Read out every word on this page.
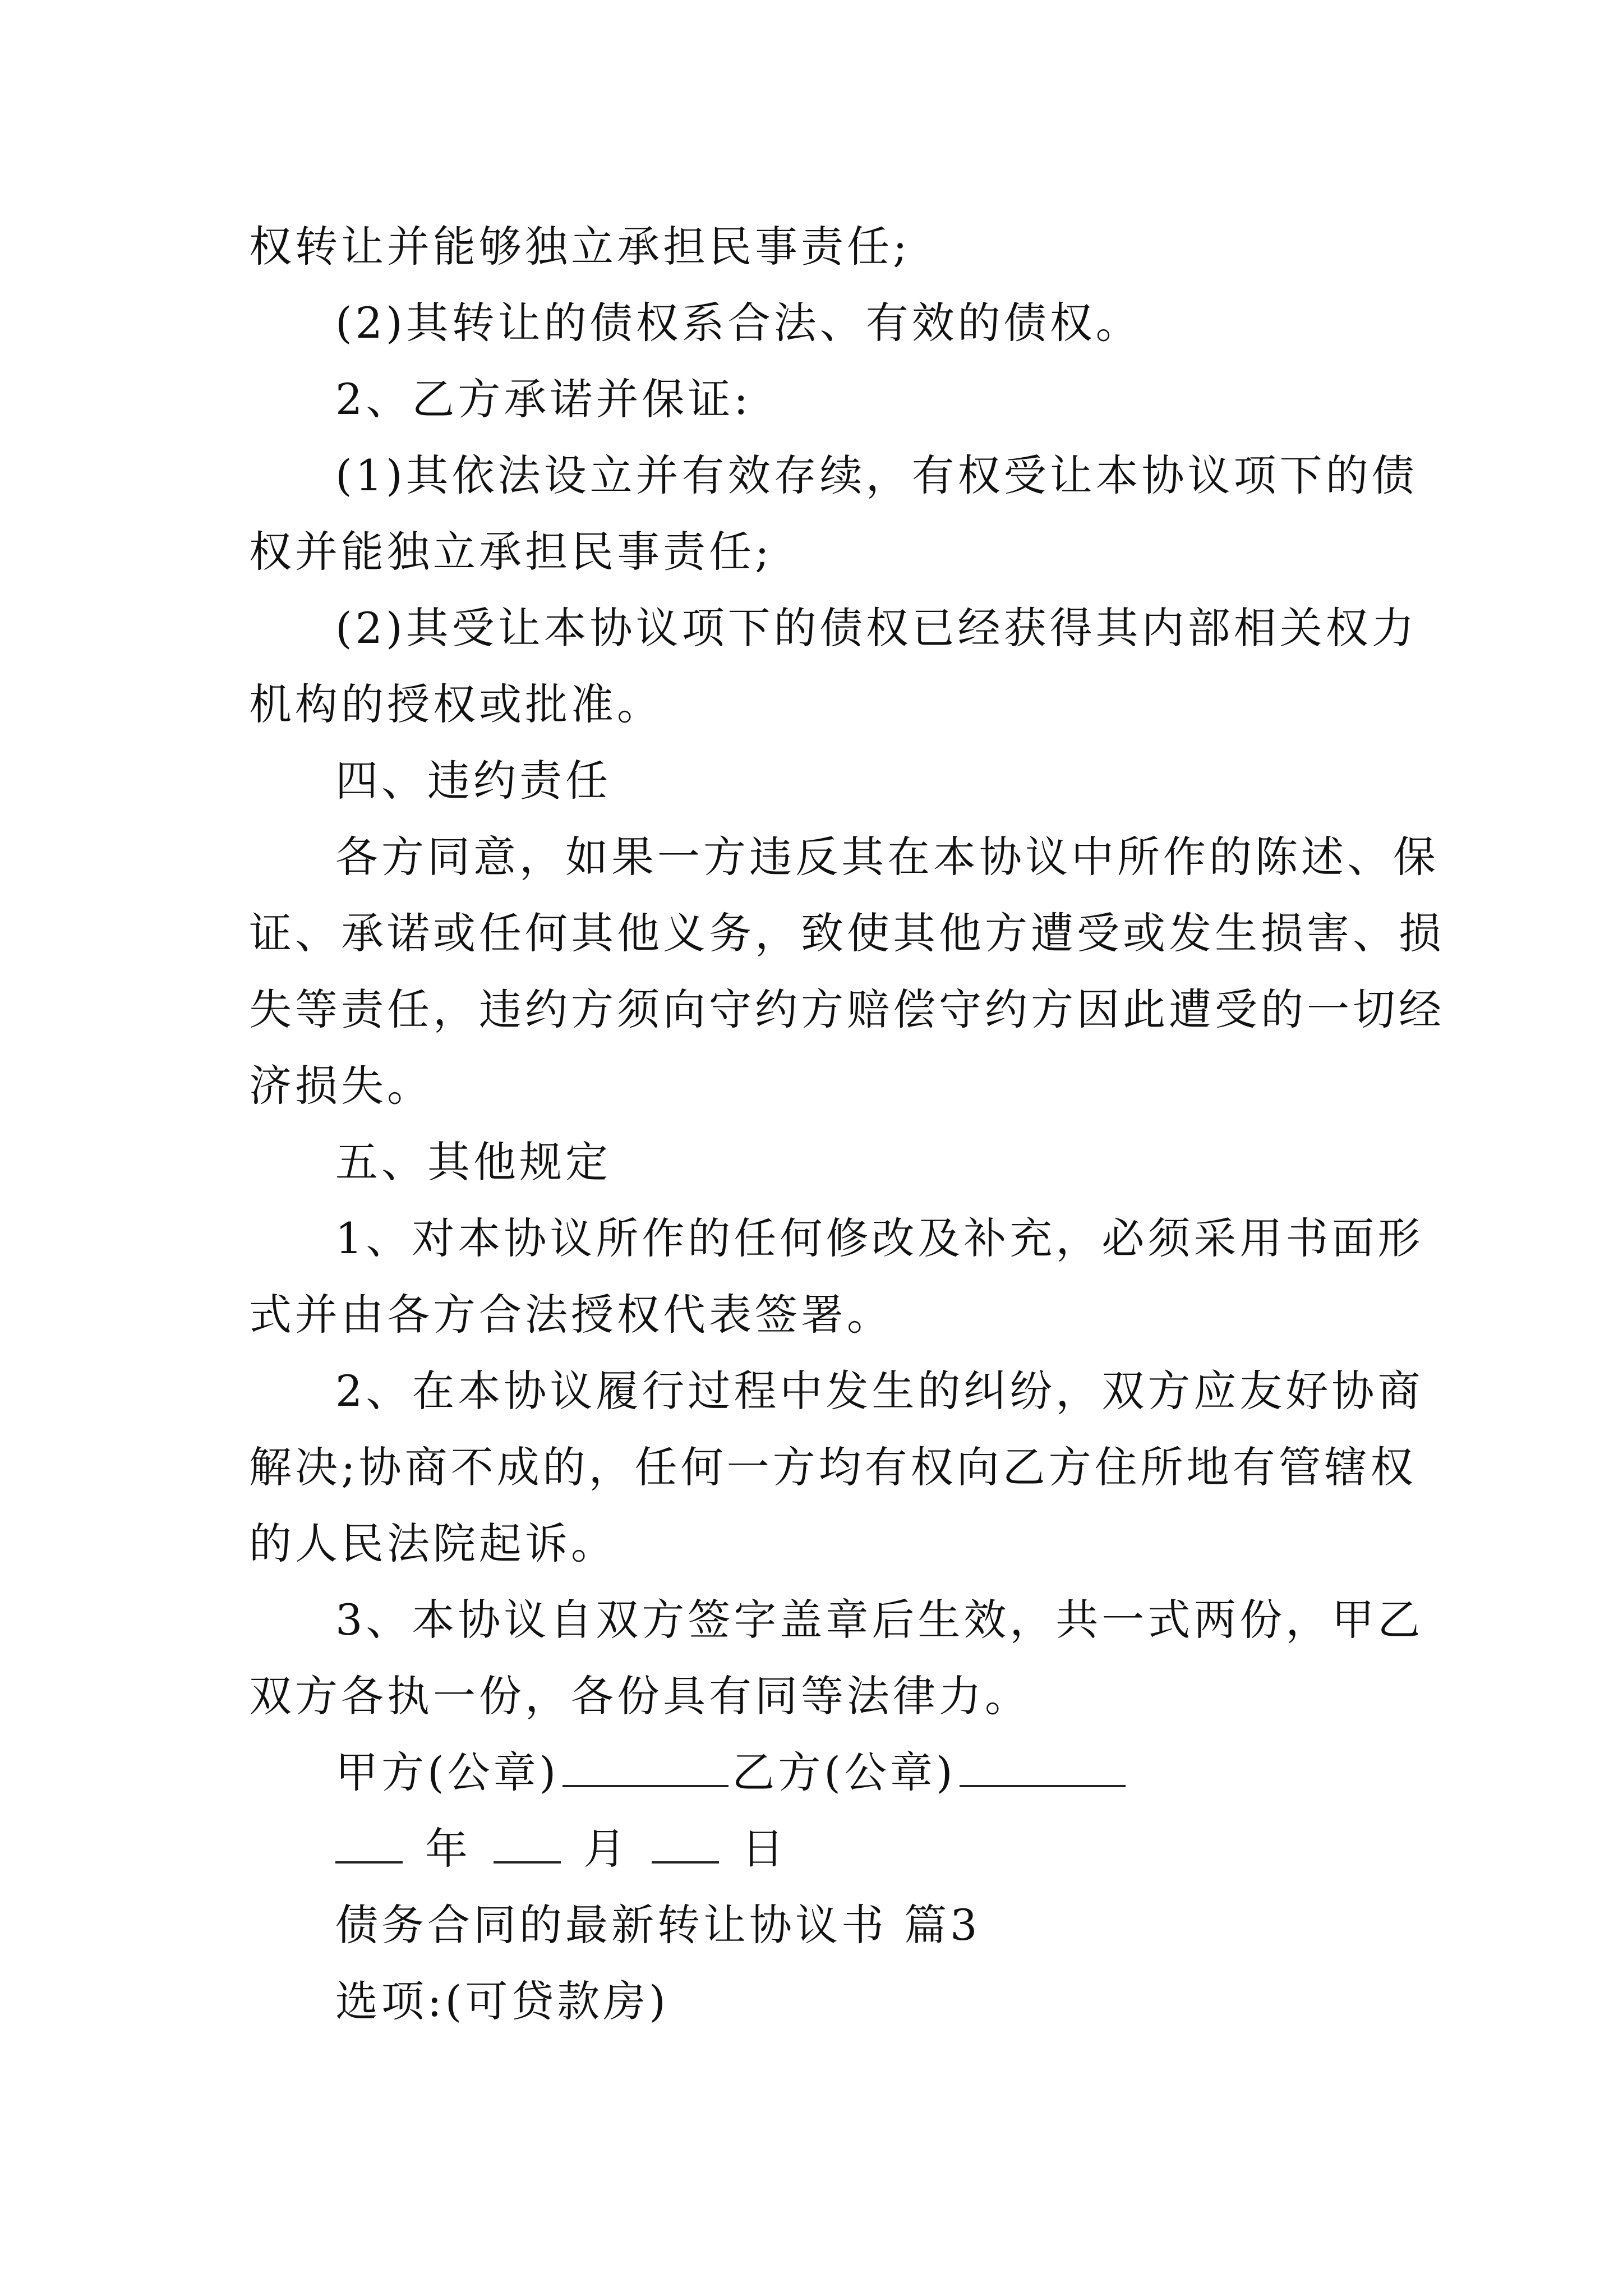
权转让并能够独立承担民事责任;
(2)其转让的债权系合法、有效的债权。
2、乙方承诺并保证:
(1)其依法设立并有效存续，有权受让本协议项下的债
权并能独立承担民事责任;
(2)其受让本协议项下的债权已经获得其内部相关权力
机构的授权或批准。
四、违约责任
各方同意，如果一方违反其在本协议中所作的陈述、保
证、承诺或任何其他义务，致使其他方遭受或发生损害、损
失等责任，违约方须向守约方赔偿守约方因此遭受的一切经
济损失。
五、其他规定
1、对本协议所作的任何修改及补充，必须采用书面形
式并由各方合法授权代表签署。
2、在本协议履行过程中发生的纠纷，双方应友好协商
解决;协商不成的，任何一方均有权向乙方住所地有管辖权
的人民法院起诉。
3、本协议自双方签字盖章后生效，共一式两份，甲乙
双方各执一份，各份具有同等法律力。
甲方(公章)	乙方(公章)
年	月	日
债务合同的最新转让协议书 篇3
选项:(可贷款房)
